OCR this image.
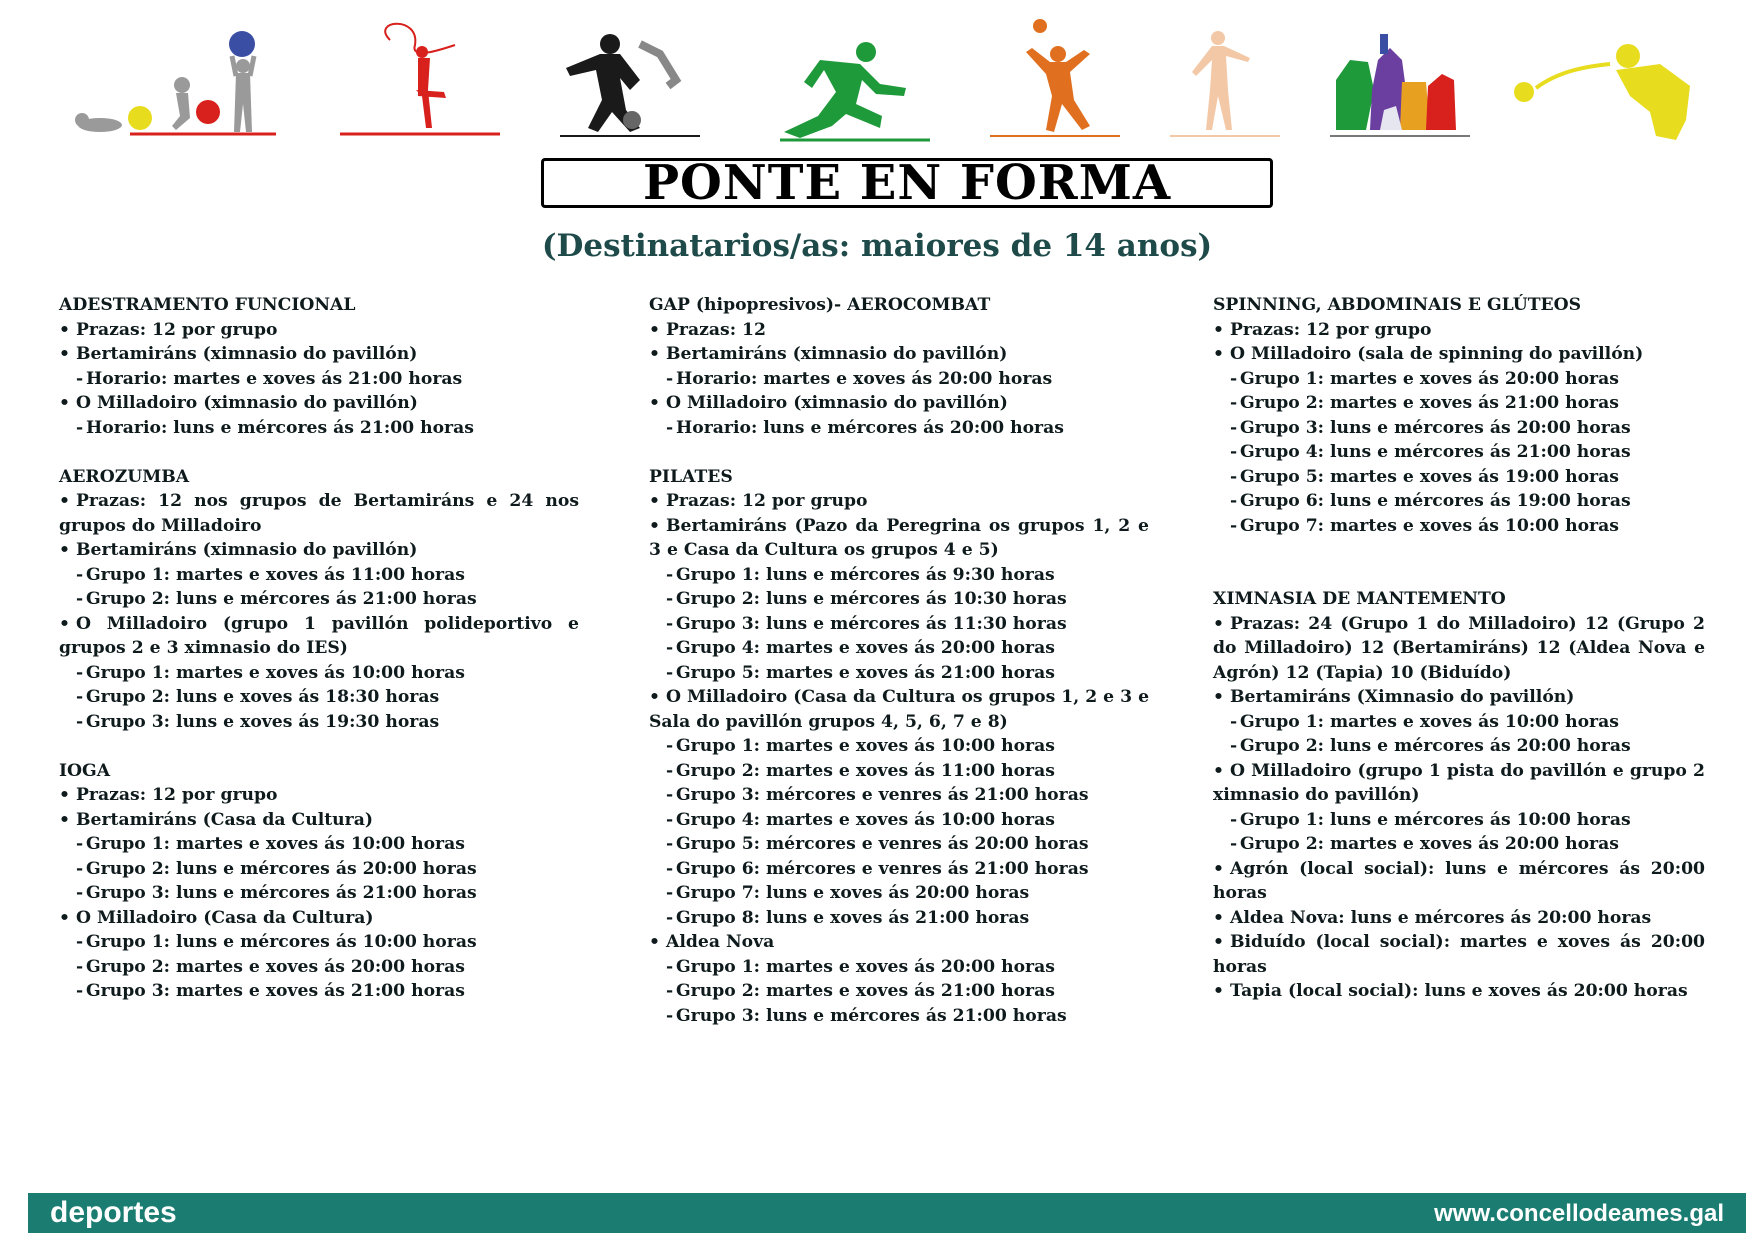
PONTE EN FORMA
(Destinatarios/as: maiores de 14 anos)
ADESTRAMENTO FUNCIONAL
• Prazas: 12 por grupo
• Bertamiráns (ximnasio do pavillón)
- Horario: martes e xoves ás 21:00 horas
• O Milladoiro (ximnasio do pavillón)
- Horario: luns e mércores ás 21:00 horas
AEROZUMBA
• Prazas: 12 nos grupos de Bertamiráns e 24 nos grupos do Milladoiro
• Bertamiráns (ximnasio do pavillón)
- Grupo 1: martes e xoves ás 11:00 horas
- Grupo 2: luns e mércores ás 21:00 horas
• O Milladoiro (grupo 1 pavillón polideportivo e grupos 2 e 3 ximnasio do IES)
- Grupo 1: martes e xoves ás 10:00 horas
- Grupo 2: luns e xoves ás 18:30 horas
- Grupo 3: luns e xoves ás 19:30 horas
IOGA
• Prazas: 12 por grupo
• Bertamiráns (Casa da Cultura)
- Grupo 1: martes e xoves ás 10:00 horas
- Grupo 2: luns e mércores ás 20:00 horas
- Grupo 3: luns e mércores ás 21:00 horas
• O Milladoiro (Casa da Cultura)
- Grupo 1: luns e mércores ás 10:00 horas
- Grupo 2: martes e xoves ás 20:00 horas
- Grupo 3: martes e xoves ás 21:00 horas
GAP (hipopresivos)- AEROCOMBAT
• Prazas: 12
• Bertamiráns (ximnasio do pavillón)
- Horario: martes e xoves ás 20:00 horas
• O Milladoiro (ximnasio do pavillón)
- Horario: luns e mércores ás 20:00 horas
PILATES
• Prazas: 12 por grupo
• Bertamiráns (Pazo da Peregrina os grupos 1, 2 e 3 e Casa da Cultura os grupos 4 e 5)
- Grupo 1: luns e mércores ás 9:30 horas
- Grupo 2: luns e mércores ás 10:30 horas
- Grupo 3: luns e mércores ás 11:30 horas
- Grupo 4: martes e xoves ás 20:00 horas
- Grupo 5: martes e xoves ás 21:00 horas
• O Milladoiro (Casa da Cultura os grupos 1, 2 e 3 e Sala do pavillón grupos 4, 5, 6, 7 e 8)
- Grupo 1: martes e xoves ás 10:00 horas
- Grupo 2: martes e xoves ás 11:00 horas
- Grupo 3: mércores e venres ás 21:00 horas
- Grupo 4: martes e xoves ás 10:00 horas
- Grupo 5: mércores e venres ás 20:00 horas
- Grupo 6: mércores e venres ás 21:00 horas
- Grupo 7: luns e xoves ás 20:00 horas
- Grupo 8: luns e xoves ás 21:00 horas
• Aldea Nova
- Grupo 1: martes e xoves ás 20:00 horas
- Grupo 2: martes e xoves ás 21:00 horas
- Grupo 3: luns e mércores ás 21:00 horas
SPINNING, ABDOMINAIS E GLÚTEOS
• Prazas: 12 por grupo
• O Milladoiro (sala de spinning do pavillón)
- Grupo 1: martes e xoves ás 20:00 horas
- Grupo 2: martes e xoves ás 21:00 horas
- Grupo 3: luns e mércores ás 20:00 horas
- Grupo 4: luns e mércores ás 21:00 horas
- Grupo 5: martes e xoves ás 19:00 horas
- Grupo 6: luns e mércores ás 19:00 horas
- Grupo 7: martes e xoves ás 10:00 horas
XIMNASIA DE MANTEMENTO
• Prazas: 24 (Grupo 1 do Milladoiro) 12 (Grupo 2 do Milladoiro) 12 (Bertamiráns) 12 (Aldea Nova e Agrón) 12 (Tapia) 10 (Biduído)
• Bertamiráns (Ximnasio do pavillón)
- Grupo 1: martes e xoves ás 10:00 horas
- Grupo 2: luns e mércores ás 20:00 horas
• O Milladoiro (grupo 1 pista do pavillón e grupo 2 ximnasio do pavillón)
- Grupo 1: luns e mércores ás 10:00 horas
- Grupo 2: martes e xoves ás 20:00 horas
• Agrón (local social): luns e mércores ás 20:00 horas
• Aldea Nova: luns e mércores ás 20:00 horas
• Biduído (local social): martes e xoves ás 20:00 horas
• Tapia (local social): luns e xoves ás 20:00 horas
deportes	www.concellodeames.gal
